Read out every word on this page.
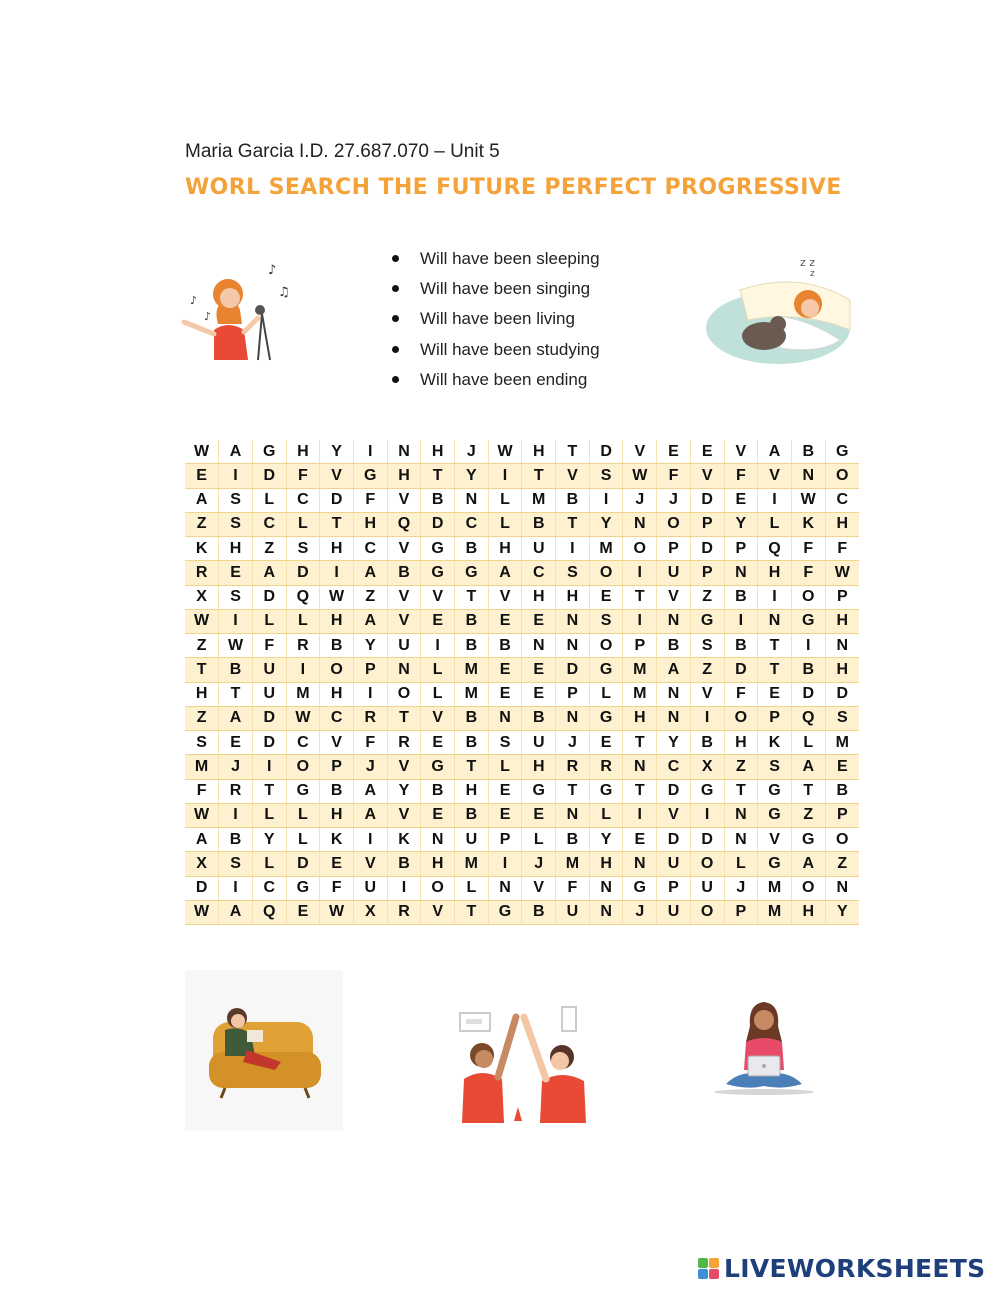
Maria Garcia I.D. 27.687.070 – Unit 5
WORL SEARCH THE FUTURE PERFECT PROGRESSIVE
Will have been sleeping
Will have been singing
Will have been living
Will have been studying
Will have been ending
♪
♫
♪
♪
z z
z
W	A	G	H	Y	I	N	H	J	W	H	T	D	V	E	E	V	A	B	G
E	I	D	F	V	G	H	T	Y	I	T	V	S	W	F	V	F	V	N	O
A	S	L	C	D	F	V	B	N	L	M	B	I	J	J	D	E	I	W	C
Z	S	C	L	T	H	Q	D	C	L	B	T	Y	N	O	P	Y	L	K	H
K	H	Z	S	H	C	V	G	B	H	U	I	M	O	P	D	P	Q	F	F
R	E	A	D	I	A	B	G	G	A	C	S	O	I	U	P	N	H	F	W
X	S	D	Q	W	Z	V	V	T	V	H	H	E	T	V	Z	B	I	O	P
W	I	L	L	H	A	V	E	B	E	E	N	S	I	N	G	I	N	G	H
Z	W	F	R	B	Y	U	I	B	B	N	N	O	P	B	S	B	T	I	N
T	B	U	I	O	P	N	L	M	E	E	D	G	M	A	Z	D	T	B	H
H	T	U	M	H	I	O	L	M	E	E	P	L	M	N	V	F	E	D	D
Z	A	D	W	C	R	T	V	B	N	B	N	G	H	N	I	O	P	Q	S
S	E	D	C	V	F	R	E	B	S	U	J	E	T	Y	B	H	K	L	M
M	J	I	O	P	J	V	G	T	L	H	R	R	N	C	X	Z	S	A	E
F	R	T	G	B	A	Y	B	H	E	G	T	G	T	D	G	T	G	T	B
W	I	L	L	H	A	V	E	B	E	E	N	L	I	V	I	N	G	Z	P
A	B	Y	L	K	I	K	N	U	P	L	B	Y	E	D	D	N	V	G	O
X	S	L	D	E	V	B	H	M	I	J	M	H	N	U	O	L	G	A	Z
D	I	C	G	F	U	I	O	L	N	V	F	N	G	P	U	J	M	O	N
W	A	Q	E	W	X	R	V	T	G	B	U	N	J	U	O	P	M	H	Y
LIVEWORKSHEETS
